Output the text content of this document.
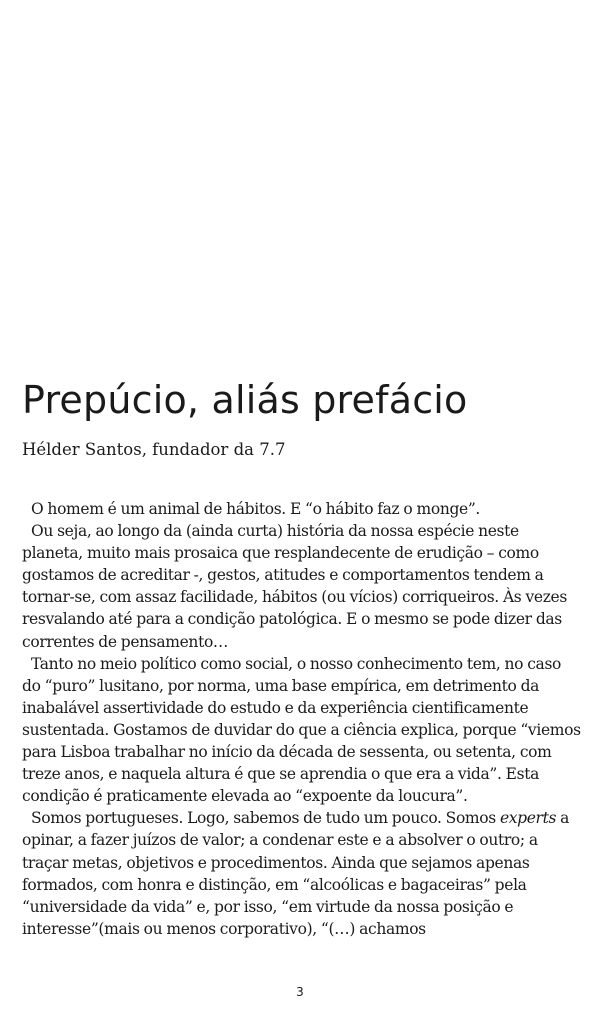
Prepúcio, aliás prefácio

Hélder Santos, fundador da 7.7

O homem é um animal de hábitos. E “o hábito faz o monge”.

Ou seja, ao longo da (ainda curta) história da nossa espécie neste planeta, muito mais prosaica que resplandecente de erudição – como gostamos de acreditar -, gestos, atitudes e comportamentos tendem a tornar-se, com assaz facilidade, hábitos (ou vícios) corriqueiros. Às vezes resvalando até para a condição patológica. E o mesmo se pode dizer das correntes de pensamento…

Tanto no meio político como social, o nosso conhecimento tem, no caso do “puro” lusitano, por norma, uma base empírica, em detrimento da inabalável assertividade do estudo e da experiência cientificamente sustentada. Gostamos de duvidar do que a ciência explica, porque “viemos para Lisboa trabalhar no início da década de sessenta, ou setenta, com treze anos, e naquela altura é que se aprendia o que era a vida”. Esta condição é praticamente elevada ao “expoente da loucura”.

Somos portugueses. Logo, sabemos de tudo um pouco. Somos experts a opinar, a fazer juízos de valor; a condenar este e a absolver o outro; a traçar metas, objetivos e procedimentos. Ainda que sejamos apenas formados, com honra e distinção, em “alcoólicas e bagaceiras” pela “universidade da vida” e, por isso, “em virtude da nossa posição e interesse”(mais ou menos corporativo), “(…) achamos

3
